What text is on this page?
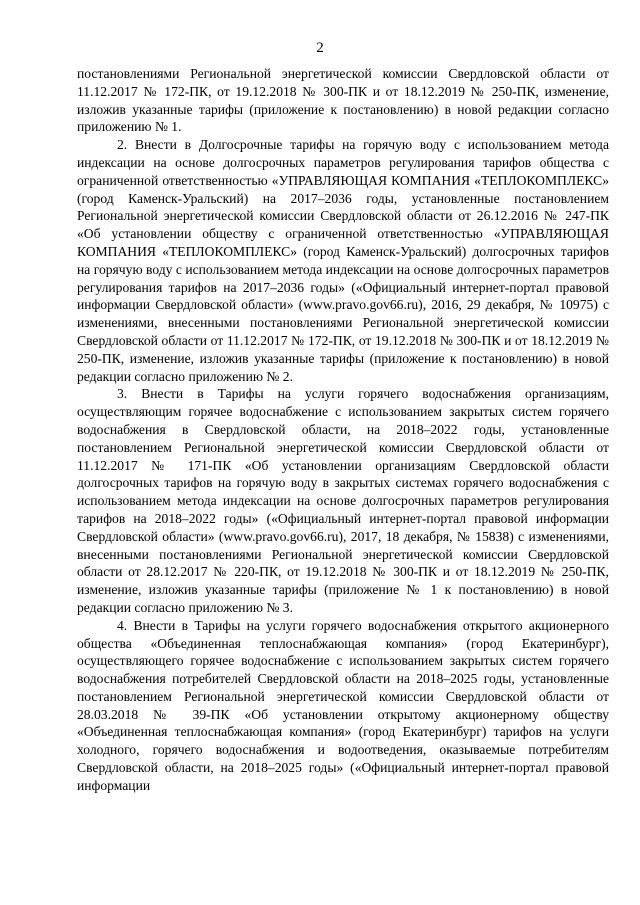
2

постановлениями Региональной энергетической комиссии Свердловской области от 11.12.2017 № 172-ПК, от 19.12.2018 № 300-ПК и от 18.12.2019 № 250-ПК, изменение, изложив указанные тарифы (приложение к постановлению) в новой редакции согласно приложению № 1.

2. Внести в Долгосрочные тарифы на горячую воду с использованием метода индексации на основе долгосрочных параметров регулирования тарифов общества с ограниченной ответственностью «УПРАВЛЯЮЩАЯ КОМПАНИЯ «ТЕПЛОКОМПЛЕКС» (город Каменск-Уральский) на 2017–2036 годы, установленные постановлением Региональной энергетической комиссии Свердловской области от 26.12.2016 № 247-ПК «Об установлении обществу с ограниченной ответственностью «УПРАВЛЯЮЩАЯ КОМПАНИЯ «ТЕПЛОКОМПЛЕКС» (город Каменск-Уральский) долгосрочных тарифов на горячую воду с использованием метода индексации на основе долгосрочных параметров регулирования тарифов на 2017–2036 годы» («Официальный интернет-портал правовой информации Свердловской области» (www.pravo.gov66.ru), 2016, 29 декабря, № 10975) с изменениями, внесенными постановлениями Региональной энергетической комиссии Свердловской области от 11.12.2017 № 172-ПК, от 19.12.2018 № 300-ПК и от 18.12.2019 № 250-ПК, изменение, изложив указанные тарифы (приложение к постановлению) в новой редакции согласно приложению № 2.

3. Внести в Тарифы на услуги горячего водоснабжения организациям, осуществляющим горячее водоснабжение с использованием закрытых систем горячего водоснабжения в Свердловской области, на 2018–2022 годы, установленные постановлением Региональной энергетической комиссии Свердловской области от 11.12.2017 № 171-ПК «Об установлении организациям Свердловской области долгосрочных тарифов на горячую воду в закрытых системах горячего водоснабжения с использованием метода индексации на основе долгосрочных параметров регулирования тарифов на 2018–2022 годы» («Официальный интернет-портал правовой информации Свердловской области» (www.pravo.gov66.ru), 2017, 18 декабря, № 15838) с изменениями, внесенными постановлениями Региональной энергетической комиссии Свердловской области от 28.12.2017 № 220-ПК, от 19.12.2018 № 300-ПК и от 18.12.2019 № 250-ПК, изменение, изложив указанные тарифы (приложение № 1 к постановлению) в новой редакции согласно приложению № 3.

4. Внести в Тарифы на услуги горячего водоснабжения открытого акционерного общества «Объединенная теплоснабжающая компания» (город Екатеринбург), осуществляющего горячее водоснабжение с использованием закрытых систем горячего водоснабжения потребителей Свердловской области на 2018–2025 годы, установленные постановлением Региональной энергетической комиссии Свердловской области от 28.03.2018 № 39-ПК «Об установлении открытому акционерному обществу «Объединенная теплоснабжающая компания» (город Екатеринбург) тарифов на услуги холодного, горячего водоснабжения и водоотведения, оказываемые потребителям Свердловской области, на 2018–2025 годы» («Официальный интернет-портал правовой информации
